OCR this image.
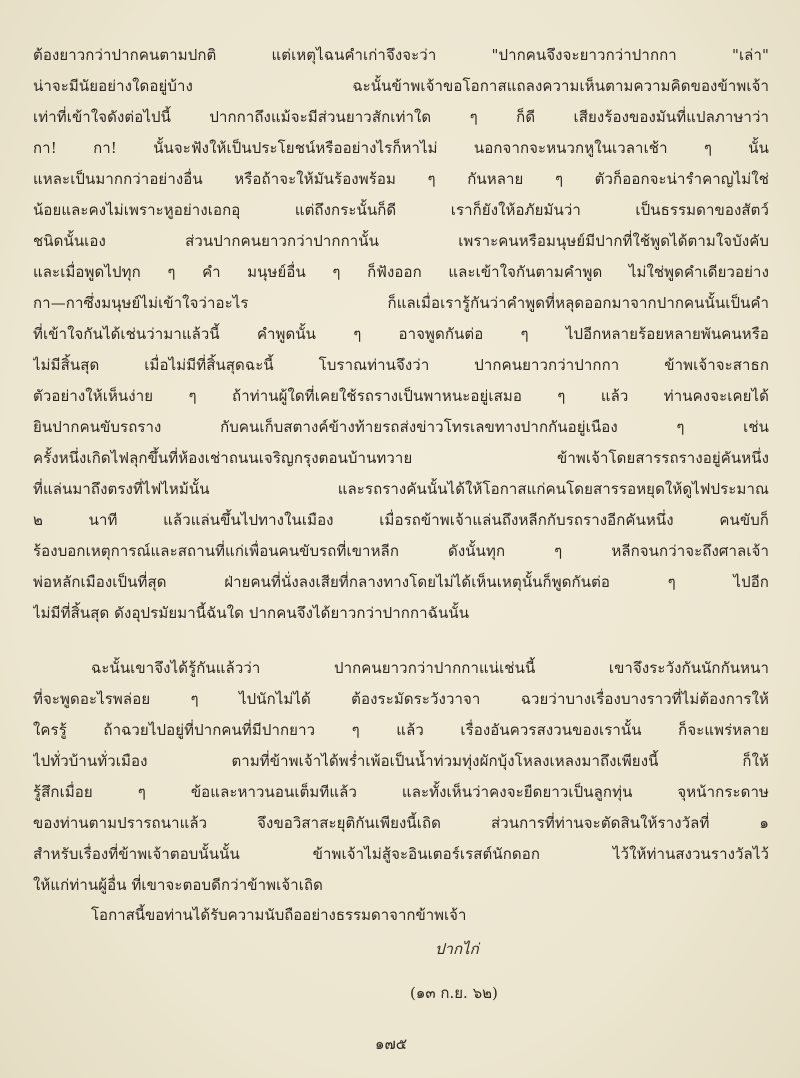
ต้องยาวกว่าปากคนตามปกติ แต่เหตุไฉนคำเก่าจึงจะว่า "ปากคนจึงจะยาวกว่าปากกา "เล่า"
น่าจะมีนัยอย่างใดอยู่บ้าง ฉะนั้นข้าพเจ้าขอโอกาสแถลงความเห็นตามความคิดของข้าพเจ้า
เท่าที่เข้าใจดังต่อไปนี้ ปากกาถึงแม้จะมีส่วนยาวสักเท่าใด ๆ ก็ดี เสียงร้องของมันที่แปลภาษาว่า
กา! กา! นั้นจะฟังให้เป็นประโยชน์หรืออย่างไรก็หาไม่ นอกจากจะหนวกหูในเวลาเช้า ๆ นั้น
แหละเป็นมากกว่าอย่างอื่น หรือถ้าจะให้มันร้องพร้อม ๆ กันหลาย ๆ ตัวก็ออกจะน่ารำคาญไม่ใช่
น้อยและคงไม่เพราะหูอย่างเอกอุ แต่ถึงกระนั้นก็ดี เราก็ยังให้อภัยมันว่า เป็นธรรมดาของสัตว์
ชนิดนั้นเอง ส่วนปากคนยาวกว่าปากกานั้น เพราะคนหรือมนุษย์มีปากที่ใช้พูดได้ตามใจบังคับ
และเมื่อพูดไปทุก ๆ คำ มนุษย์อื่น ๆ ก็ฟังออก และเข้าใจกันตามคำพูด ไม่ใช่พูดคำเดียวอย่าง
กา—กาซึ่งมนุษย์ไม่เข้าใจว่าอะไร ก็แลเมื่อเรารู้กันว่าคำพูดที่หลุดออกมาจากปากคนนั้นเป็นคำ
ที่เข้าใจกันได้เช่นว่ามาแล้วนี้ คำพูดนั้น ๆ อาจพูดกันต่อ ๆ ไปอีกหลายร้อยหลายพันคนหรือ
ไม่มีสิ้นสุด เมื่อไม่มีที่สิ้นสุดฉะนี้ โบราณท่านจึงว่า ปากคนยาวกว่าปากกา ข้าพเจ้าจะสาธก
ตัวอย่างให้เห็นง่าย ๆ ถ้าท่านผู้ใดที่เคยใช้รถรางเป็นพาหนะอยู่เสมอ ๆ แล้ว ท่านคงจะเคยได้
ยินปากคนขับรถราง กับคนเก็บสตางค์ข้างท้ายรถส่งข่าวโทรเลขทางปากกันอยู่เนือง ๆ เช่น
ครั้งหนึ่งเกิดไฟลุกขึ้นที่ห้องเช่าถนนเจริญกรุงตอนบ้านทวาย ข้าพเจ้าโดยสารรถรางอยู่คันหนึ่ง
ที่แล่นมาถึงตรงที่ไฟไหม้นั้น และรถรางคันนั้นได้ให้โอกาสแก่คนโดยสารรอหยุดให้ดูไฟประมาณ
๒ นาที แล้วแล่นขึ้นไปทางในเมือง เมื่อรถข้าพเจ้าแล่นถึงหลีกกับรถรางอีกคันหนึ่ง คนขับก็
ร้องบอกเหตุการณ์และสถานที่แก่เพื่อนคนขับรถที่เขาหลีก ดังนั้นทุก ๆ หลีกจนกว่าจะถึงศาลเจ้า
พ่อหลักเมืองเป็นที่สุด ฝ่ายคนที่นั่งลงเสียที่กลางทางโดยไม่ได้เห็นเหตุนั้นก็พูดกันต่อ ๆ ไปอีก
ไม่มีที่สิ้นสุด ดังอุปรมัยมานี้ฉันใด ปากคนจึงได้ยาวกว่าปากกาฉันนั้น
ฉะนั้นเขาจึงได้รู้กันแล้วว่า ปากคนยาวกว่าปากกาแน่เช่นนี้ เขาจึงระวังกันนักกันหนา
ที่จะพูดอะไรพล่อย ๆ ไปนักไม่ได้ ต้องระมัดระวังวาจา ฉวยว่าบางเรื่องบางราวที่ไม่ต้องการให้
ใครรู้ ถ้าฉวยไปอยู่ที่ปากคนที่มีปากยาว ๆ แล้ว เรื่องอันควรสงวนของเรานั้น ก็จะแพร่หลาย
ไปทั่วบ้านทั่วเมือง ตามที่ข้าพเจ้าได้พร่ำเพ้อเป็นน้ำท่วมทุ่งผักบุ้งโหลงเหลงมาถึงเพียงนี้ ก็ให้
รู้สึกเมื่อย ๆ ข้อและหาวนอนเต็มทีแล้ว และทั้งเห็นว่าคงจะยืดยาวเป็นลูกทุ่น จุหน้ากระดาษ
ของท่านตามปรารถนาแล้ว จึงขอวิสาสะยุติกันเพียงนี้เถิด ส่วนการที่ท่านจะตัดสินให้รางวัลที่ ๑
สำหรับเรื่องที่ข้าพเจ้าตอบนั้นนั้น ข้าพเจ้าไม่สู้จะอินเตอร์เรสต์นักดอก ไว้ให้ท่านสงวนรางวัลไว้
ให้แก่ท่านผู้อื่น ที่เขาจะตอบดีกว่าข้าพเจ้าเถิด
โอกาสนี้ขอท่านได้รับความนับถืออย่างธรรมดาจากข้าพเจ้า
ปากไก่
(๑๓ ก.ย. ๖๒)
๑๗๕
